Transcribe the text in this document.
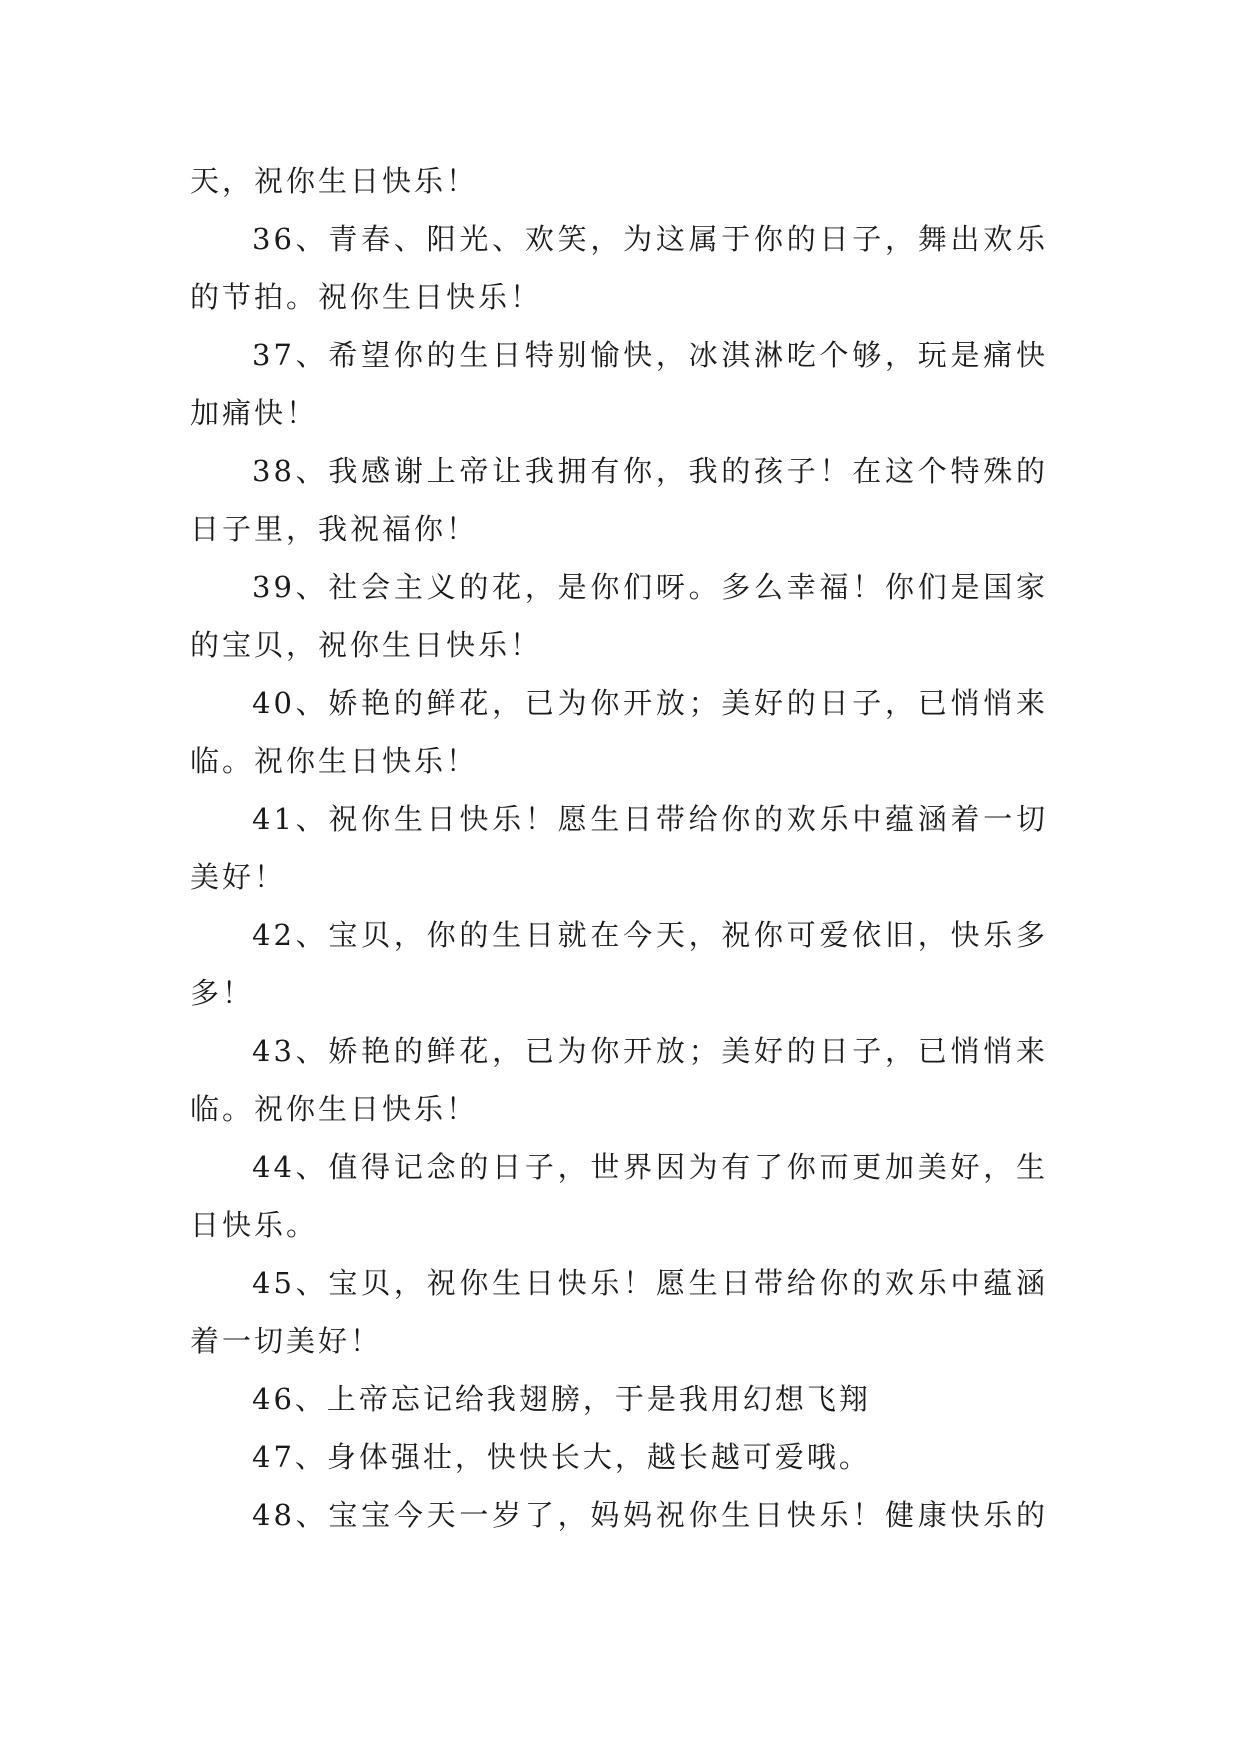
天，祝你生日快乐！
36、青春、阳光、欢笑，为这属于你的日子，舞出欢乐
的节拍。祝你生日快乐！
37、希望你的生日特别愉快，冰淇淋吃个够，玩是痛快
加痛快！
38、我感谢上帝让我拥有你，我的孩子！在这个特殊的
日子里，我祝福你！
39、社会主义的花，是你们呀。多么幸福！你们是国家
的宝贝，祝你生日快乐！
40、娇艳的鲜花，已为你开放；美好的日子，已悄悄来
临。祝你生日快乐！
41、祝你生日快乐！愿生日带给你的欢乐中蕴涵着一切
美好！
42、宝贝，你的生日就在今天，祝你可爱依旧，快乐多
多！
43、娇艳的鲜花，已为你开放；美好的日子，已悄悄来
临。祝你生日快乐！
44、值得记念的日子，世界因为有了你而更加美好，生
日快乐。
45、宝贝，祝你生日快乐！愿生日带给你的欢乐中蕴涵
着一切美好！
46、上帝忘记给我翅膀，于是我用幻想飞翔
47、身体强壮，快快长大，越长越可爱哦。
48、宝宝今天一岁了，妈妈祝你生日快乐！健康快乐的
